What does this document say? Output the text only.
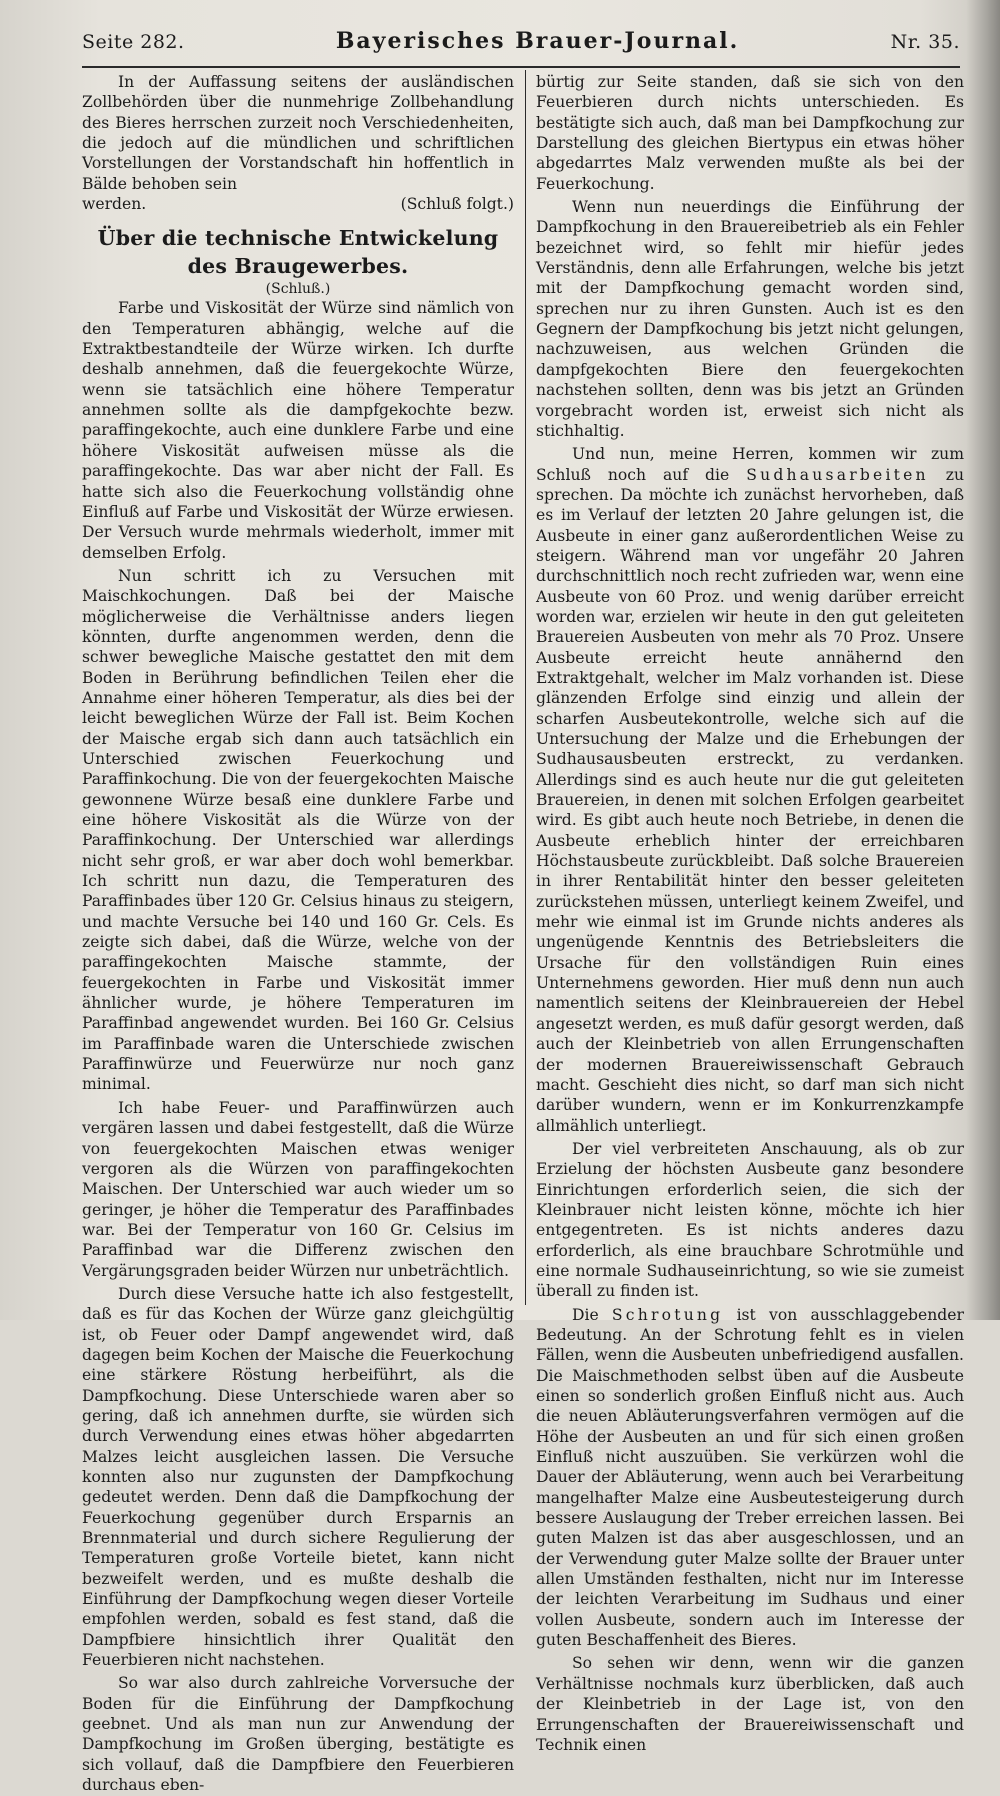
Seite 282.	Bayerisches Brauer-Journal.	Nr. 35.

In der Auffassung seitens der ausländischen Zollbehörden über die nunmehrige Zollbehandlung des Bieres herrschen zurzeit noch Verschiedenheiten, die jedoch auf die mündlichen und schriftlichen Vorstellungen der Vorstandschaft hin hoffentlich in Bälde behoben sein

werden.	(Schluß folgt.)
Über die technische Entwickelung des Braugewerbes.
(Schluß.)

Farbe und Viskosität der Würze sind nämlich von den Temperaturen abhängig, welche auf die Extraktbestandteile der Würze wirken. Ich durfte deshalb annehmen, daß die feuergekochte Würze, wenn sie tatsächlich eine höhere Temperatur annehmen sollte als die dampfgekochte bezw. paraffingekochte, auch eine dunklere Farbe und eine höhere Viskosität aufweisen müsse als die paraffingekochte. Das war aber nicht der Fall. Es hatte sich also die Feuerkochung vollständig ohne Einfluß auf Farbe und Viskosität der Würze erwiesen. Der Versuch wurde mehrmals wiederholt, immer mit demselben Erfolg.

Nun schritt ich zu Versuchen mit Maischkochungen. Daß bei der Maische möglicherweise die Verhältnisse anders liegen könnten, durfte angenommen werden, denn die schwer bewegliche Maische gestattet den mit dem Boden in Berührung befindlichen Teilen eher die Annahme einer höheren Temperatur, als dies bei der leicht beweglichen Würze der Fall ist. Beim Kochen der Maische ergab sich dann auch tatsächlich ein Unterschied zwischen Feuerkochung und Paraffinkochung. Die von der feuergekochten Maische gewonnene Würze besaß eine dunklere Farbe und eine höhere Viskosität als die Würze von der Paraffinkochung. Der Unterschied war allerdings nicht sehr groß, er war aber doch wohl bemerkbar. Ich schritt nun dazu, die Temperaturen des Paraffinbades über 120 Gr. Celsius hinaus zu steigern, und machte Versuche bei 140 und 160 Gr. Cels. Es zeigte sich dabei, daß die Würze, welche von der paraffingekochten Maische stammte, der feuergekochten in Farbe und Viskosität immer ähnlicher wurde, je höhere Temperaturen im Paraffinbad angewendet wurden. Bei 160 Gr. Celsius im Paraffinbade waren die Unterschiede zwischen Paraffinwürze und Feuerwürze nur noch ganz minimal.

Ich habe Feuer- und Paraffinwürzen auch vergären lassen und dabei festgestellt, daß die Würze von feuergekochten Maischen etwas weniger vergoren als die Würzen von paraffingekochten Maischen. Der Unterschied war auch wieder um so geringer, je höher die Temperatur des Paraffinbades war. Bei der Temperatur von 160 Gr. Celsius im Paraffinbad war die Differenz zwischen den Vergärungsgraden beider Würzen nur unbeträchtlich.

Durch diese Versuche hatte ich also festgestellt, daß es für das Kochen der Würze ganz gleichgültig ist, ob Feuer oder Dampf angewendet wird, daß dagegen beim Kochen der Maische die Feuerkochung eine stärkere Röstung herbeiführt, als die Dampfkochung. Diese Unterschiede waren aber so gering, daß ich annehmen durfte, sie würden sich durch Verwendung eines etwas höher abgedarrten Malzes leicht ausgleichen lassen. Die Versuche konnten also nur zugunsten der Dampfkochung gedeutet werden. Denn daß die Dampfkochung der Feuerkochung gegenüber durch Ersparnis an Brennmaterial und durch sichere Regulierung der Temperaturen große Vorteile bietet, kann nicht bezweifelt werden, und es mußte deshalb die Einführung der Dampfkochung wegen dieser Vorteile empfohlen werden, sobald es fest stand, daß die Dampfbiere hinsichtlich ihrer Qualität den Feuerbieren nicht nachstehen.

So war also durch zahlreiche Vorversuche der Boden für die Einführung der Dampfkochung geebnet. Und als man nun zur Anwendung der Dampfkochung im Großen überging, bestätigte es sich vollauf, daß die Dampfbiere den Feuerbieren durchaus eben-

bürtig zur Seite standen, daß sie sich von den Feuerbieren durch nichts unterschieden. Es bestätigte sich auch, daß man bei Dampfkochung zur Darstellung des gleichen Biertypus ein etwas höher abgedarrtes Malz verwenden mußte als bei der Feuerkochung.

Wenn nun neuerdings die Einführung der Dampfkochung in den Brauereibetrieb als ein Fehler bezeichnet wird, so fehlt mir hiefür jedes Verständnis, denn alle Erfahrungen, welche bis jetzt mit der Dampfkochung gemacht worden sind, sprechen nur zu ihren Gunsten. Auch ist es den Gegnern der Dampfkochung bis jetzt nicht gelungen, nachzuweisen, aus welchen Gründen die dampfgekochten Biere den feuergekochten nachstehen sollten, denn was bis jetzt an Gründen vorgebracht worden ist, erweist sich nicht als stichhaltig.

Und nun, meine Herren, kommen wir zum Schluß noch auf die Sudhausarbeiten zu sprechen. Da möchte ich zunächst hervorheben, daß es im Verlauf der letzten 20 Jahre gelungen ist, die Ausbeute in einer ganz außerordentlichen Weise zu steigern. Während man vor ungefähr 20 Jahren durchschnittlich noch recht zufrieden war, wenn eine Ausbeute von 60 Proz. und wenig darüber erreicht worden war, erzielen wir heute in den gut geleiteten Brauereien Ausbeuten von mehr als 70 Proz. Unsere Ausbeute erreicht heute annähernd den Extraktgehalt, welcher im Malz vorhanden ist. Diese glänzenden Erfolge sind einzig und allein der scharfen Ausbeutekontrolle, welche sich auf die Untersuchung der Malze und die Erhebungen der Sudhausausbeuten erstreckt, zu verdanken. Allerdings sind es auch heute nur die gut geleiteten Brauereien, in denen mit solchen Erfolgen gearbeitet wird. Es gibt auch heute noch Betriebe, in denen die Ausbeute erheblich hinter der erreichbaren Höchstausbeute zurückbleibt. Daß solche Brauereien in ihrer Rentabilität hinter den besser geleiteten zurückstehen müssen, unterliegt keinem Zweifel, und mehr wie einmal ist im Grunde nichts anderes als ungenügende Kenntnis des Betriebsleiters die Ursache für den vollständigen Ruin eines Unternehmens geworden. Hier muß denn nun auch namentlich seitens der Kleinbrauereien der Hebel angesetzt werden, es muß dafür gesorgt werden, daß auch der Kleinbetrieb von allen Errungenschaften der modernen Brauereiwissenschaft Gebrauch macht. Geschieht dies nicht, so darf man sich nicht darüber wundern, wenn er im Konkurrenzkampfe allmählich unterliegt.

Der viel verbreiteten Anschauung, als ob zur Erzielung der höchsten Ausbeute ganz besondere Einrichtungen erforderlich seien, die sich der Kleinbrauer nicht leisten könne, möchte ich hier entgegentreten. Es ist nichts anderes dazu erforderlich, als eine brauchbare Schrotmühle und eine normale Sudhauseinrichtung, so wie sie zumeist überall zu finden ist.

Die Schrotung ist von ausschlaggebender Bedeutung. An der Schrotung fehlt es in vielen Fällen, wenn die Ausbeuten unbefriedigend ausfallen. Die Maischmethoden selbst üben auf die Ausbeute einen so sonderlich großen Einfluß nicht aus. Auch die neuen Abläuterungsverfahren vermögen auf die Höhe der Ausbeuten an und für sich einen großen Einfluß nicht auszuüben. Sie verkürzen wohl die Dauer der Abläuterung, wenn auch bei Verarbeitung mangelhafter Malze eine Ausbeutesteigerung durch bessere Auslaugung der Treber erreichen lassen. Bei guten Malzen ist das aber ausgeschlossen, und an der Verwendung guter Malze sollte der Brauer unter allen Umständen festhalten, nicht nur im Interesse der leichten Verarbeitung im Sudhaus und einer vollen Ausbeute, sondern auch im Interesse der guten Beschaffenheit des Bieres.

So sehen wir denn, wenn wir die ganzen Verhältnisse nochmals kurz überblicken, daß auch der Kleinbetrieb in der Lage ist, von den Errungenschaften der Brauereiwissenschaft und Technik einen
